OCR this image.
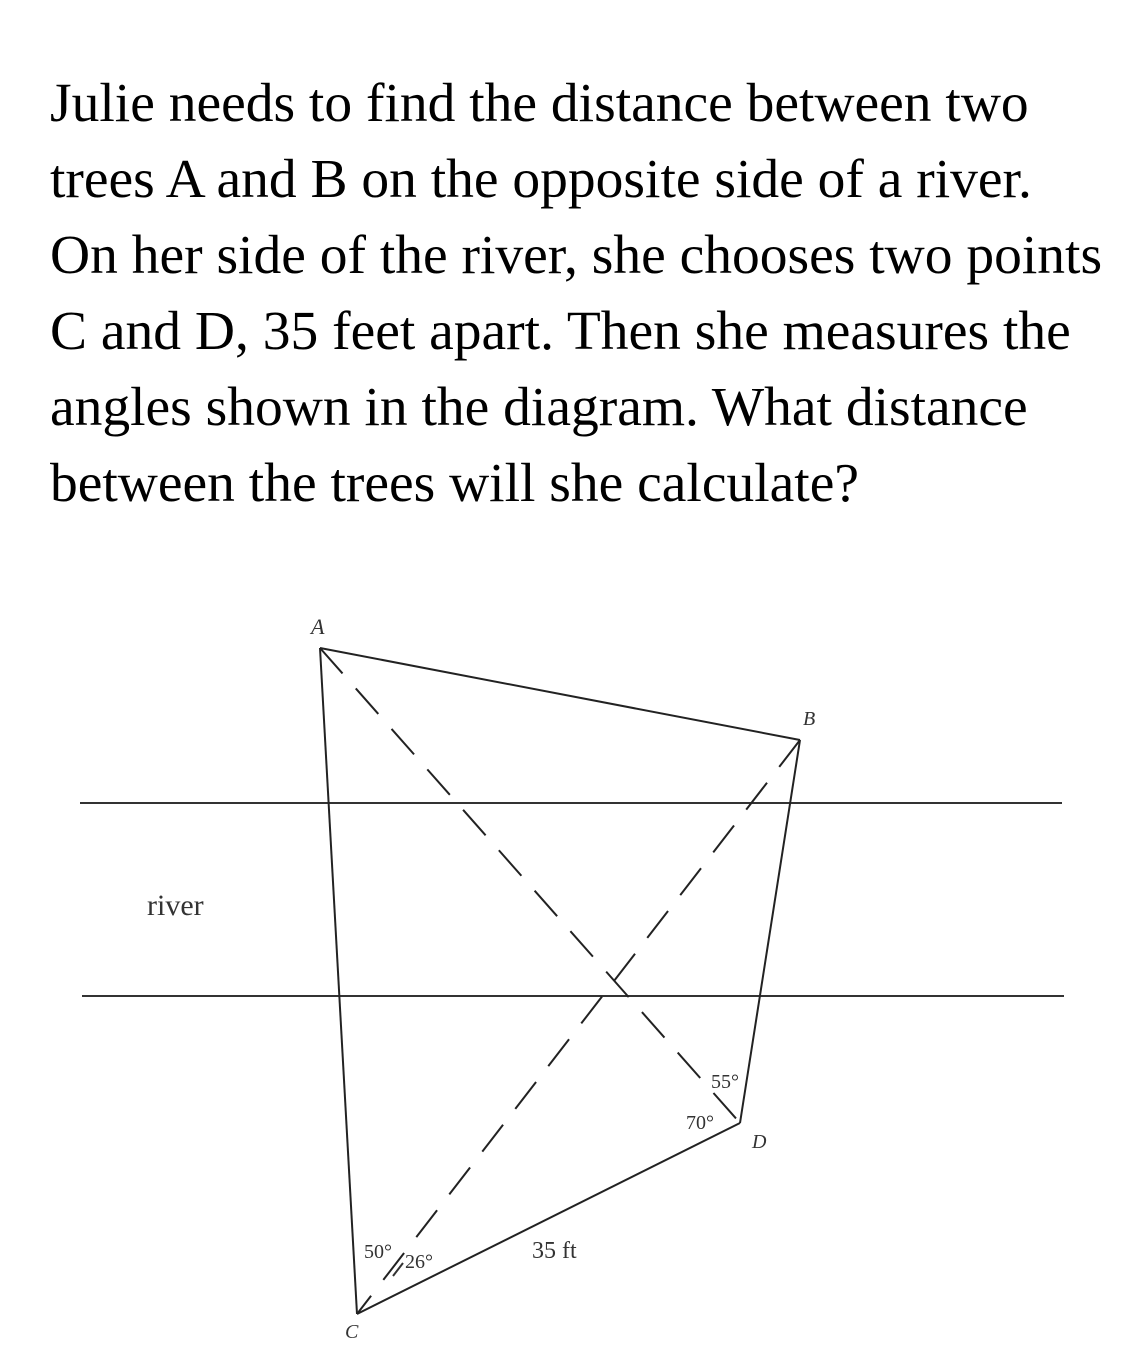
Julie needs to find the distance between two trees A and B on the opposite side of a river. On her side of the river, she chooses two points C and D, 35 feet apart. Then she measures the angles shown in the diagram. What distance between the trees will she calculate?

A
B
C
D
river
35 ft
50° 26°
55°
70°
